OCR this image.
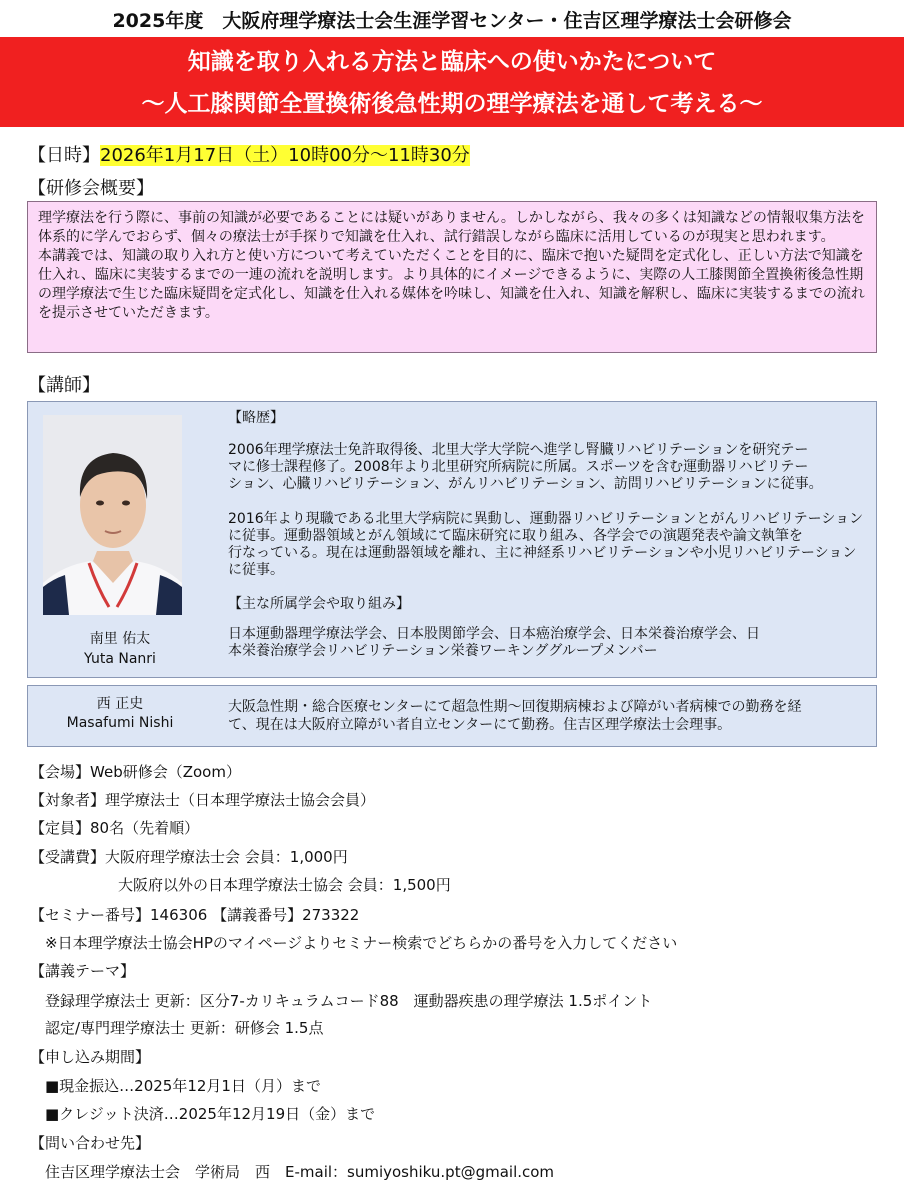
2025年度　大阪府理学療法士会生涯学習センター・住吉区理学療法士会研修会
知識を取り入れる方法と臨床への使いかたについて
～人工膝関節全置換術後急性期の理学療法を通して考える～
【日時】2026年1月17日（土）10時00分～11時30分
【研修会概要】

理学療法を行う際に、事前の知識が必要であることには疑いがありません。しかしながら、我々の多くは知識などの情報収集方法を体系的に学んでおらず、個々の療法士が手探りで知識を仕入れ、試行錯誤しながら臨床に活用しているのが現実と思われます。

本講義では、知識の取り入れ方と使い方について考えていただくことを目的に、臨床で抱いた疑問を定式化し、正しい方法で知識を仕入れ、臨床に実装するまでの一連の流れを説明します。より具体的にイメージできるように、実際の人工膝関節全置換術後急性期の理学療法で生じた臨床疑問を定式化し、知識を仕入れる媒体を吟味し、知識を仕入れ、知識を解釈し、臨床に実装するまでの流れを提示させていただきます。

【講師】
南里 佑太
Yuta Nanri
【略歴】
2006年理学療法士免許取得後、北里大学大学院へ進学し腎臓リハビリテーションを研究テー
マに修士課程修了。2008年より北里研究所病院に所属。スポーツを含む運動器リハビリテー
ション、心臓リハビリテーション、がんリハビリテーション、訪問リハビリテーションに従事。
2016年より現職である北里大学病院に異動し、運動器リハビリテーションとがんリハビリテーション
に従事。運動器領域とがん領域にて臨床研究に取り組み、各学会での演題発表や論文執筆を
行なっている。現在は運動器領域を離れ、主に神経系リハビリテーションや小児リハビリテーション
に従事。
【主な所属学会や取り組み】
日本運動器理学療法学会、日本股関節学会、日本癌治療学会、日本栄養治療学会、日
本栄養治療学会リハビリテーション栄養ワーキンググループメンバー
西 正史
Masafumi Nishi
大阪急性期・総合医療センターにて超急性期～回復期病棟および障がい者病棟での勤務を経
て、現在は大阪府立障がい者自立センターにて勤務。住吉区理学療法士会理事。
【会場】Web研修会（Zoom）
【対象者】理学療法士（日本理学療法士協会会員）
【定員】80名（先着順）
【受講費】大阪府理学療法士会 会員：1,000円
大阪府以外の日本理学療法士協会 会員：1,500円
【セミナー番号】146306 【講義番号】273322
※日本理学療法士協会HPのマイページよりセミナー検索でどちらかの番号を入力してください
【講義テーマ】
登録理学療法士 更新：区分7-カリキュラムコード88　運動器疾患の理学療法 1.5ポイント
認定/専門理学療法士 更新：研修会 1.5点
【申し込み期間】
■現金振込…2025年12月1日（月）まで
■クレジット決済…2025年12月19日（金）まで
【問い合わせ先】
住吉区理学療法士会　学術局　西　E-mail：sumiyoshiku.pt@gmail.com
